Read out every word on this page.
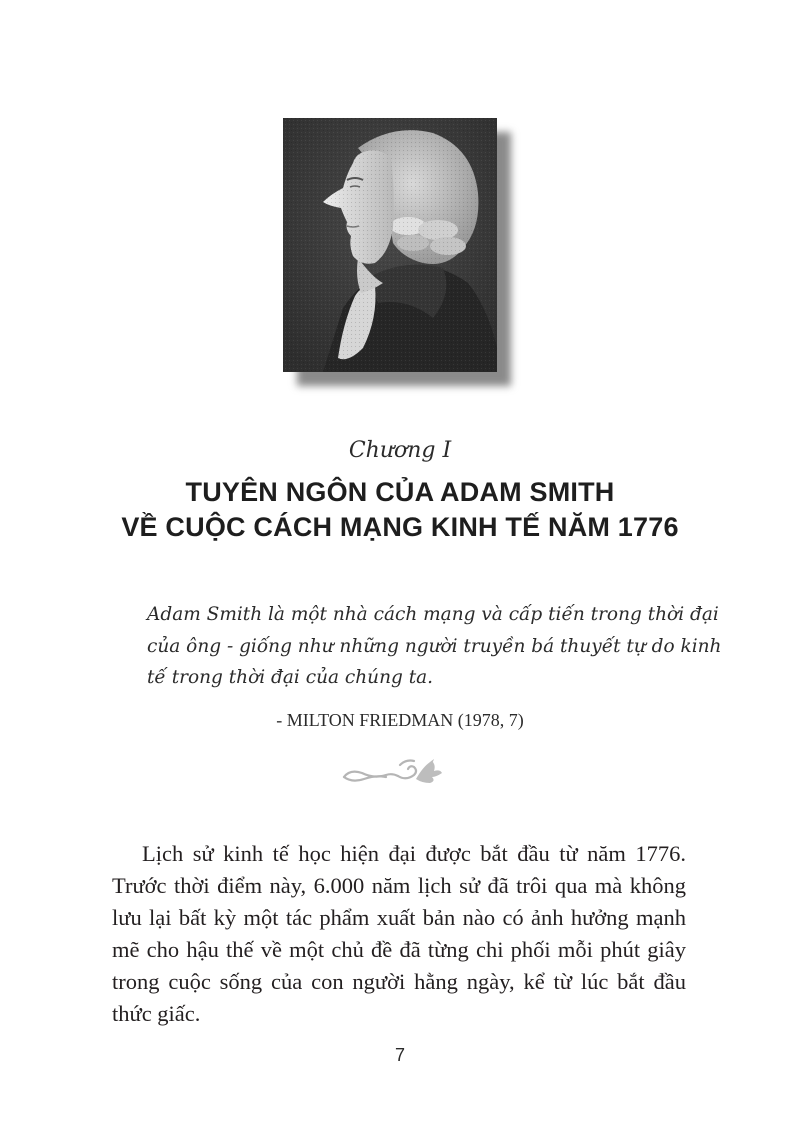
Chương I
TUYÊN NGÔN CỦA ADAM SMITH
VỀ CUỘC CÁCH MẠNG KINH TẾ NĂM 1776
Adam Smith là một nhà cách mạng và cấp tiến trong thời đại
của ông - giống như những người truyền bá thuyết tự do kinh
tế trong thời đại của chúng ta.
- MILTON FRIEDMAN (1978, 7)
Lịch sử kinh tế học hiện đại được bắt đầu từ năm 1776.
Trước thời điểm này, 6.000 năm lịch sử đã trôi qua mà không
lưu lại bất kỳ một tác phẩm xuất bản nào có ảnh hưởng mạnh
mẽ cho hậu thế về một chủ đề đã từng chi phối mỗi phút giây
trong cuộc sống của con người hằng ngày, kể từ lúc bắt đầu
thức giấc.
7
